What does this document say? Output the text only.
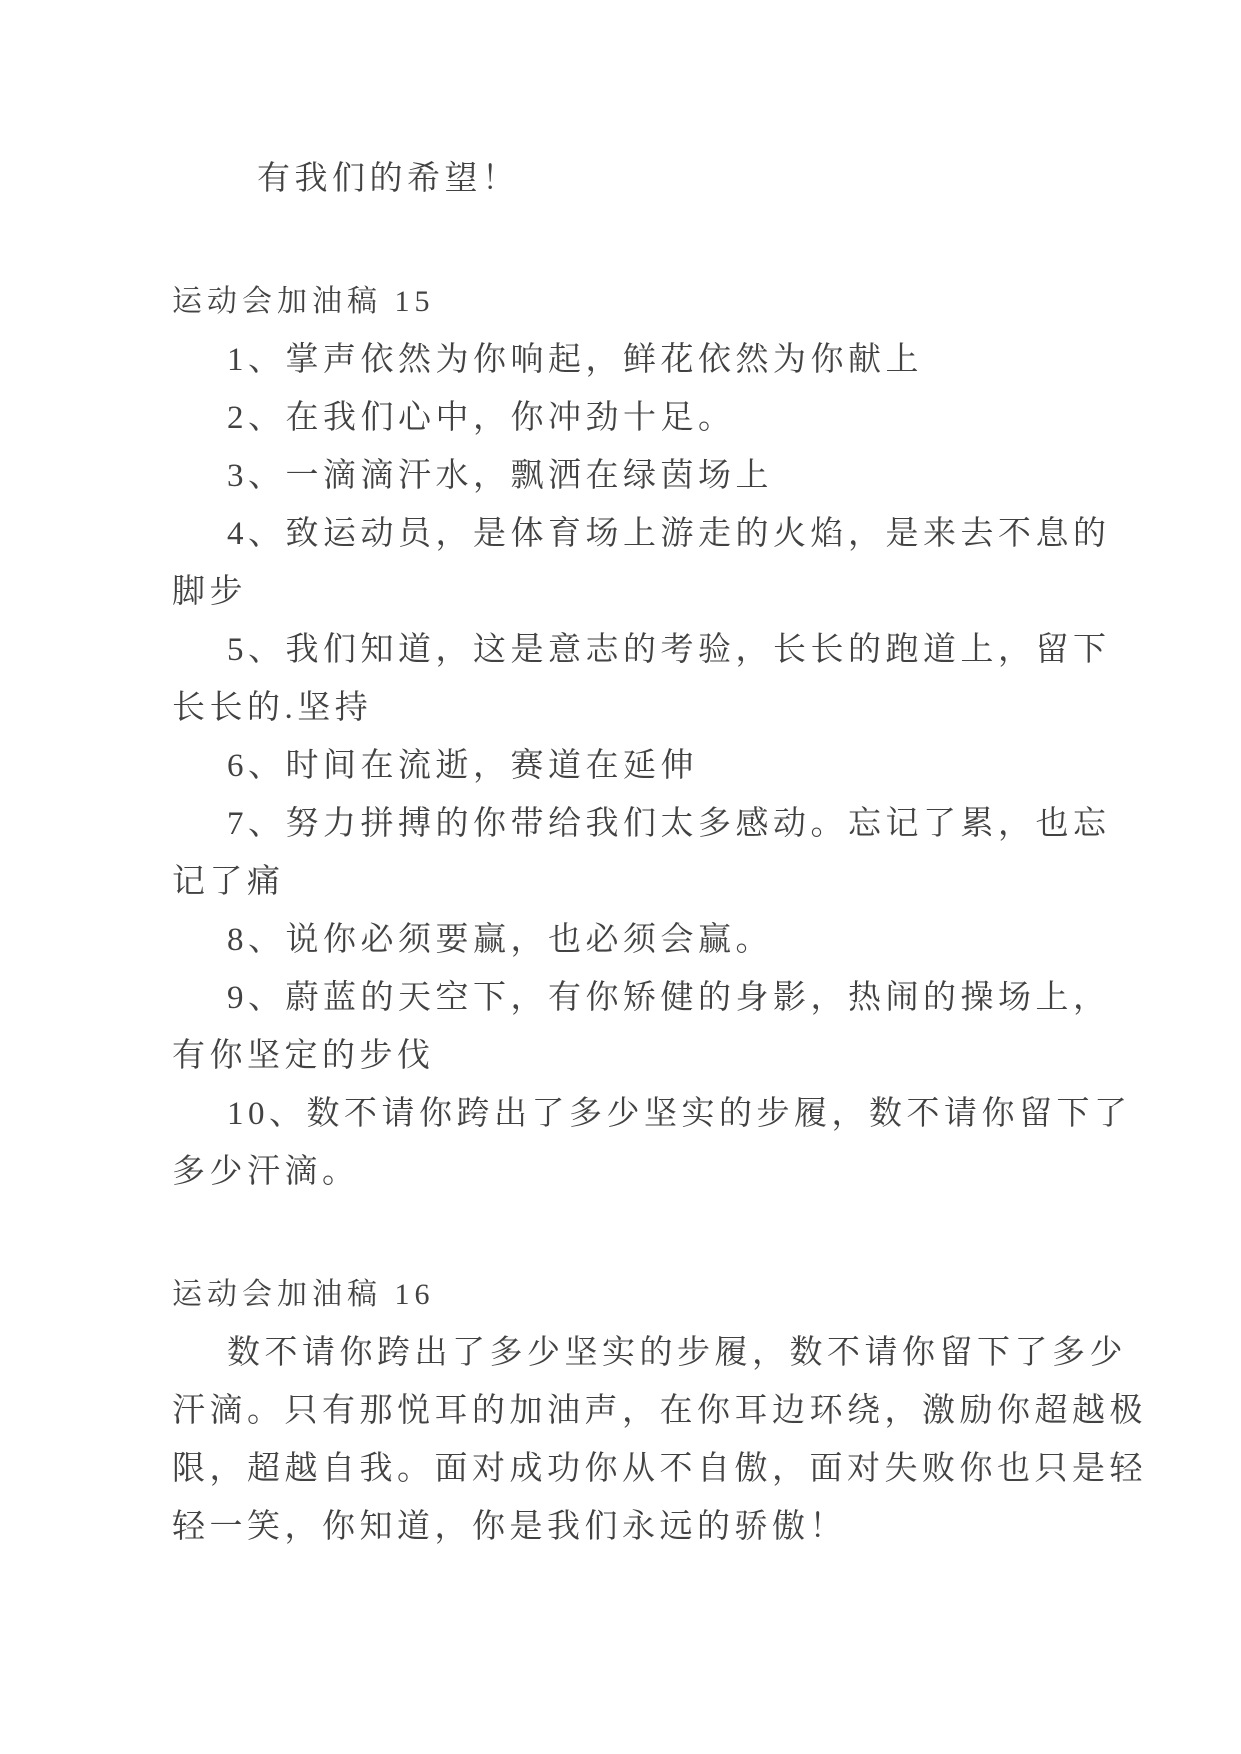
有我们的希望！
运动会加油稿 15
1、掌声依然为你响起，鲜花依然为你献上
2、在我们心中，你冲劲十足。
3、一滴滴汗水，飘洒在绿茵场上
4、致运动员，是体育场上游走的火焰，是来去不息的
脚步
5、我们知道，这是意志的考验，长长的跑道上，留下
长长的.坚持
6、时间在流逝，赛道在延伸
7、努力拼搏的你带给我们太多感动。忘记了累，也忘
记了痛
8、说你必须要赢，也必须会赢。
9、蔚蓝的天空下，有你矫健的身影，热闹的操场上，
有你坚定的步伐
10、数不请你跨出了多少坚实的步履，数不请你留下了
多少汗滴。
运动会加油稿 16
数不请你跨出了多少坚实的步履，数不请你留下了多少
汗滴。只有那悦耳的加油声，在你耳边环绕，激励你超越极
限，超越自我。面对成功你从不自傲，面对失败你也只是轻
轻一笑，你知道，你是我们永远的骄傲！
